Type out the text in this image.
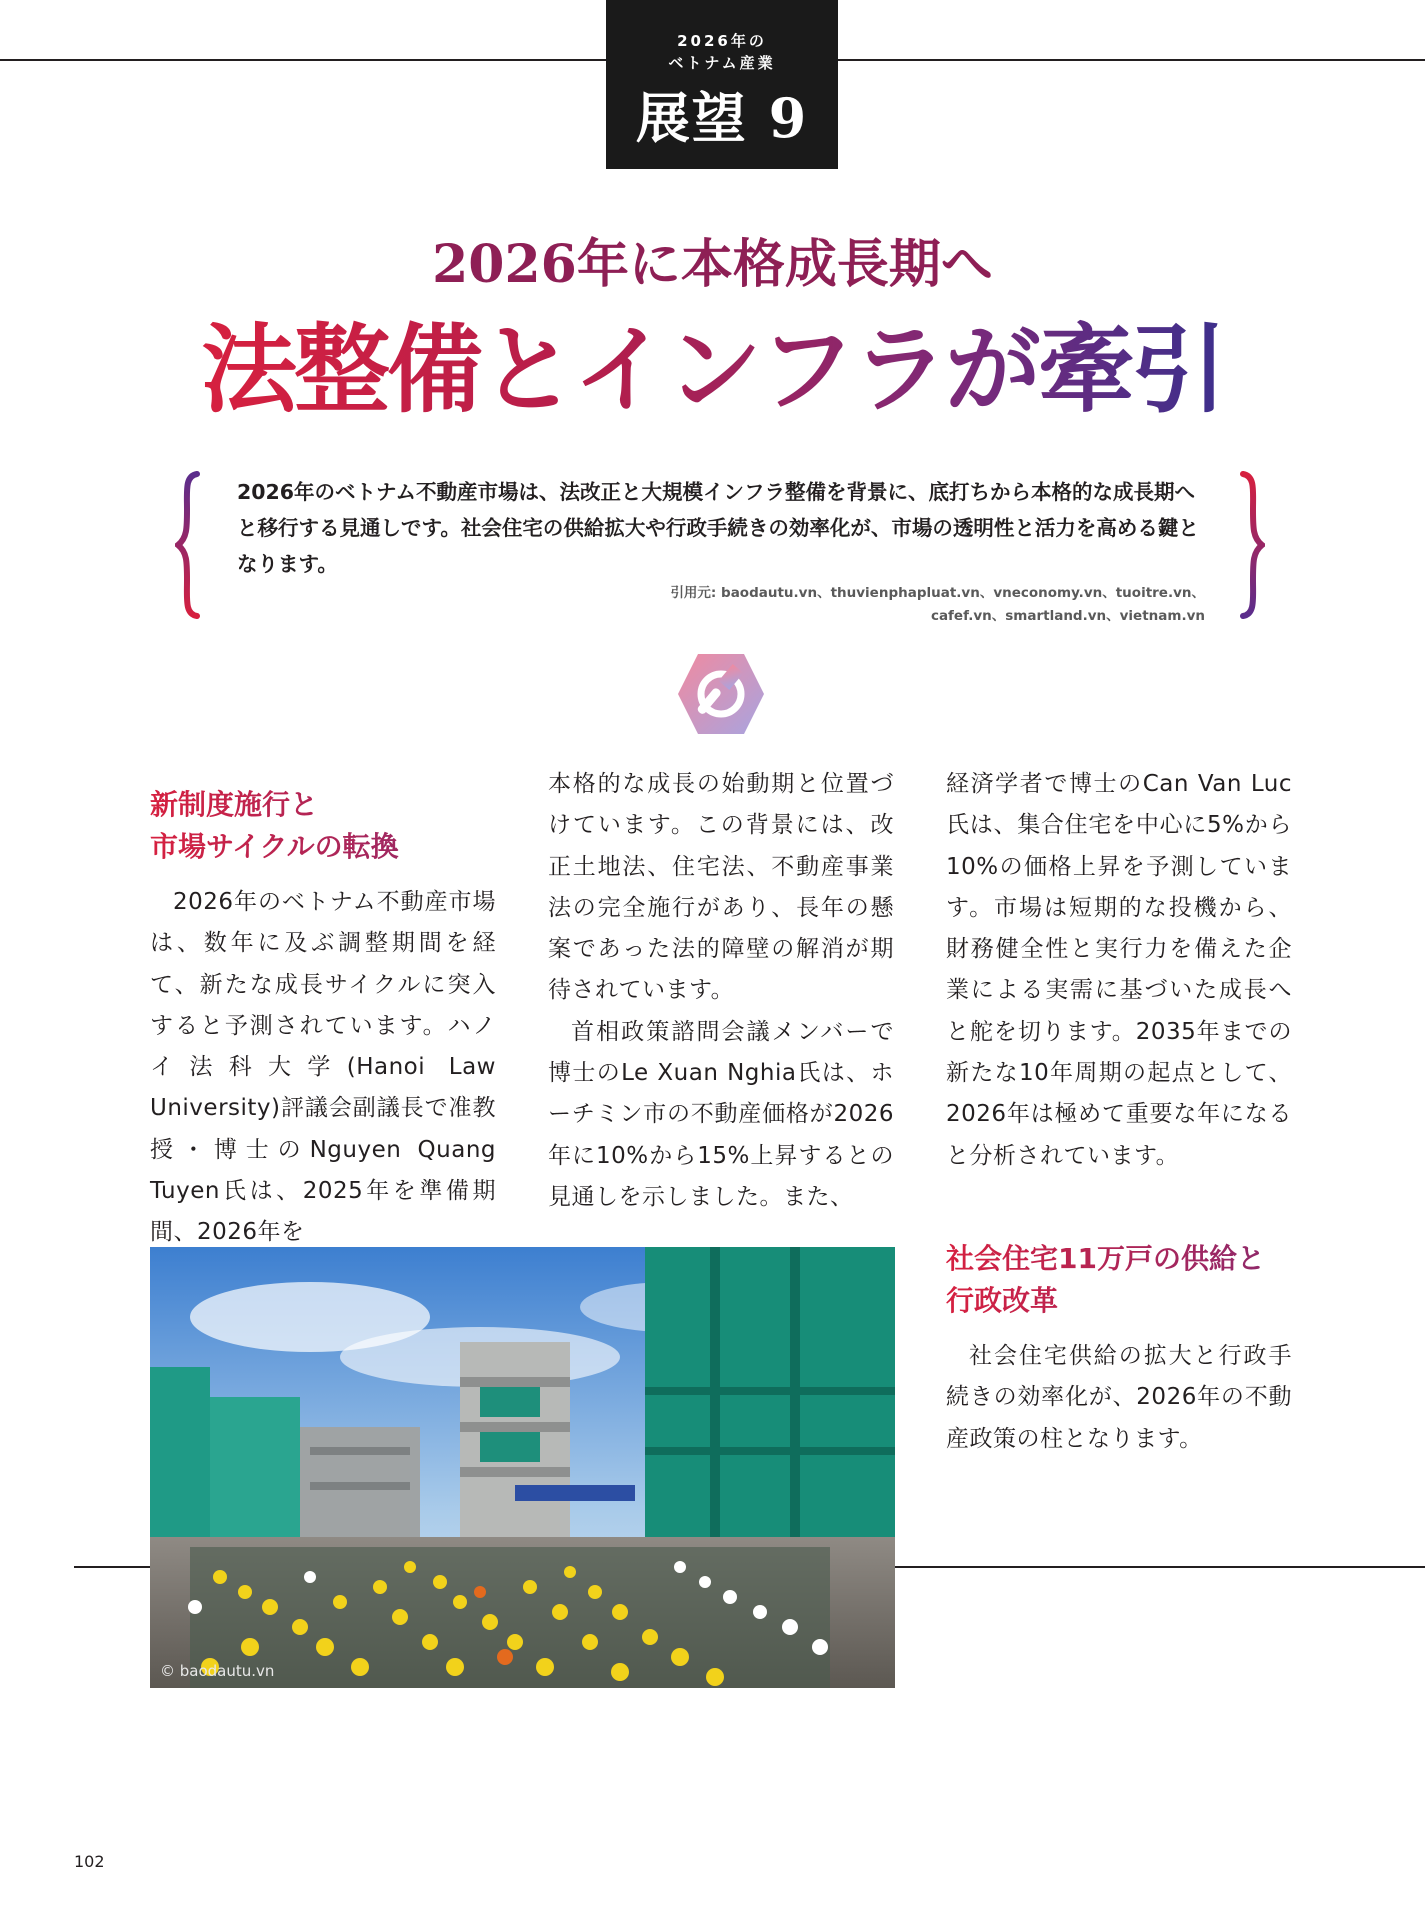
2026年の
ベトナム産業
展望 9
2026年に本格成長期へ
法整備とインフラが牽引
2026年のベトナム不動産市場は、法改正と大規模インフラ整備を背景に、底打ちから本格的な成長期へと移行する見通しです。社会住宅の供給拡大や行政手続きの効率化が、市場の透明性と活力を高める鍵となります。
引用元: baodautu.vn、thuvienphapluat.vn、vneconomy.vn、tuoitre.vn、
cafef.vn、smartland.vn、vietnam.vn
新制度施行と
市場サイクルの転換

2026年のベトナム不動産市場は、数年に及ぶ調整期間を経て、新たな成長サイクルに突入すると予測されています。ハノイ法科大学(Hanoi Law University)評議会副議長で准教授・博士のNguyen Quang Tuyen氏は、2025年を準備期間、2026年を

本格的な成長の始動期と位置づけています。この背景には、改正土地法、住宅法、不動産事業法の完全施行があり、長年の懸案であった法的障壁の解消が期待されています。

首相政策諮問会議メンバーで博士のLe Xuan Nghia氏は、ホーチミン市の不動産価格が2026年に10%から15%上昇するとの見通しを示しました。また、

経済学者で博士のCan Van Luc氏は、集合住宅を中心に5%から10%の価格上昇を予測しています。市場は短期的な投機から、財務健全性と実行力を備えた企業による実需に基づいた成長へと舵を切ります。2035年までの新たな10年周期の起点として、2026年は極めて重要な年になると分析されています。

社会住宅11万戸の供給と
行政改革

社会住宅供給の拡大と行政手続きの効率化が、2026年の不動産政策の柱となります。

© baodautu.vn
102
